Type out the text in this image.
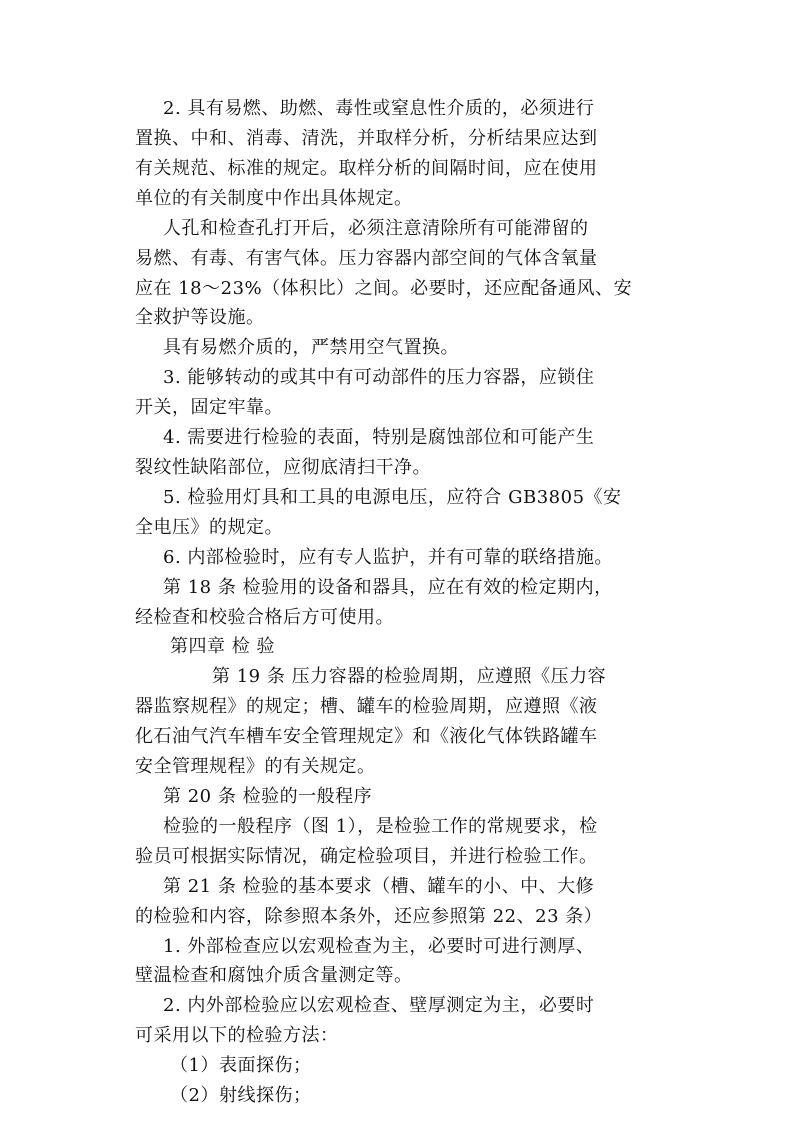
2. 具有易燃、助燃、毒性或窒息性介质的，必须进行
置换、中和、消毒、清洗，并取样分析，分析结果应达到
有关规范、标准的规定。取样分析的间隔时间，应在使用
单位的有关制度中作出具体规定。
人孔和检查孔打开后，必须注意清除所有可能滞留的
易燃、有毒、有害气体。压力容器内部空间的气体含氧量
应在 18～23%（体积比）之间。必要时，还应配备通风、安
全救护等设施。
具有易燃介质的，严禁用空气置换。
3. 能够转动的或其中有可动部件的压力容器，应锁住
开关，固定牢靠。
4. 需要进行检验的表面，特别是腐蚀部位和可能产生
裂纹性缺陷部位，应彻底清扫干净。
5. 检验用灯具和工具的电源电压，应符合 GB3805《安
全电压》的规定。
6. 内部检验时，应有专人监护，并有可靠的联络措施。
第 18 条 检验用的设备和器具，应在有效的检定期内，
经检查和校验合格后方可使用。
第四章 检 验
第 19 条 压力容器的检验周期，应遵照《压力容
器监察规程》的规定；槽、罐车的检验周期，应遵照《液
化石油气汽车槽车安全管理规定》和《液化气体铁路罐车
安全管理规程》的有关规定。
第 20 条 检验的一般程序
检验的一般程序（图 1），是检验工作的常规要求，检
验员可根据实际情况，确定检验项目，并进行检验工作。
第 21 条 检验的基本要求（槽、罐车的小、中、大修
的检验和内容，除参照本条外，还应参照第 22、23 条）
1. 外部检查应以宏观检查为主，必要时可进行测厚、
壁温检查和腐蚀介质含量测定等。
2. 内外部检验应以宏观检查、壁厚测定为主，必要时
可采用以下的检验方法：
（1）表面探伤；
（2）射线探伤；
